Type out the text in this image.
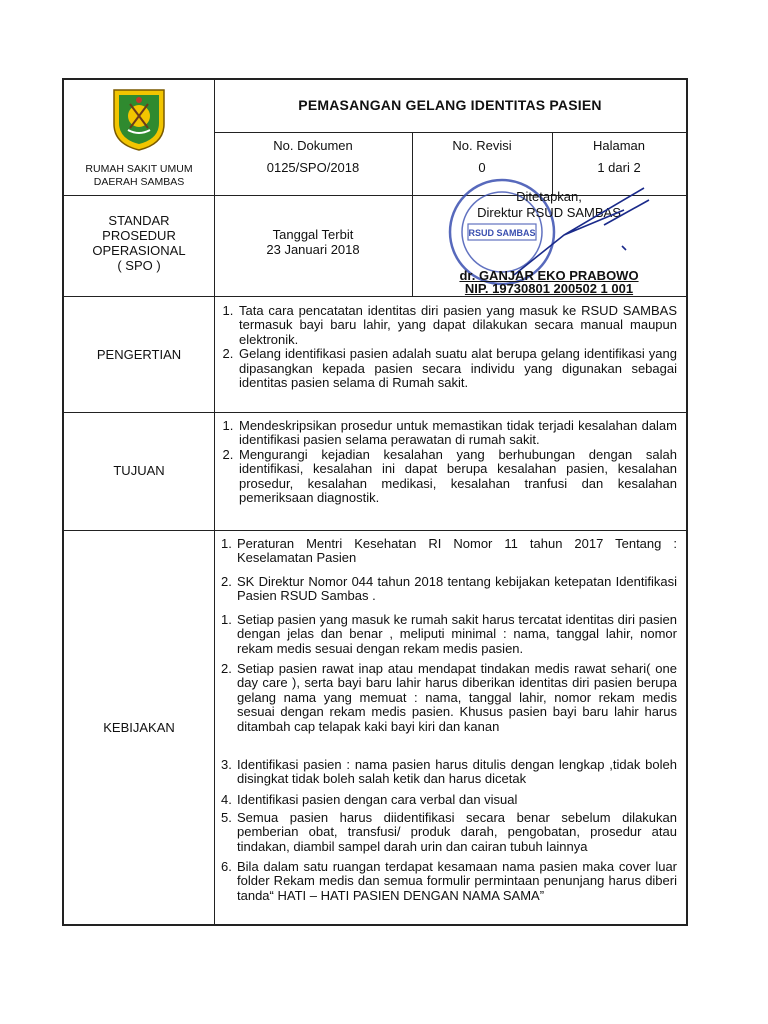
RUMAH SAKIT UMUM
DAERAH SAMBAS
PEMASANGAN GELANG IDENTITAS PASIEN
No. Dokumen
0125/SPO/2018
No. Revisi
0
Halaman
1 dari 2
STANDAR
PROSEDUR
OPERASIONAL
( SPO )
Tanggal Terbit
23 Januari 2018
RSUD SAMBAS
Ditetapkan,
Direktur RSUD SAMBAS
dr. GANJAR EKO PRABOWO
NIP. 19730801 200502 1 001
PENGERTIAN
1. Tata cara pencatatan identitas diri pasien yang masuk ke RSUD SAMBAS termasuk bayi baru lahir, yang dapat dilakukan secara manual maupun elektronik.
2. Gelang identifikasi pasien adalah suatu alat berupa gelang identifikasi yang dipasangkan kepada pasien secara individu yang digunakan sebagai identitas pasien selama di Rumah sakit.
TUJUAN
1. Mendeskripsikan prosedur untuk memastikan tidak terjadi kesalahan dalam identifikasi pasien selama perawatan di rumah sakit.
2. Mengurangi kejadian kesalahan yang berhubungan dengan salah identifikasi, kesalahan ini dapat berupa kesalahan pasien, kesalahan prosedur, kesalahan medikasi, kesalahan tranfusi dan kesalahan pemeriksaan diagnostik.
KEBIJAKAN
1. Peraturan Mentri Kesehatan RI Nomor 11 tahun 2017 Tentang : Keselamatan Pasien
2. SK Direktur Nomor 044 tahun 2018 tentang kebijakan ketepatan Identifikasi Pasien RSUD Sambas .
1. Setiap pasien yang masuk ke rumah sakit harus tercatat identitas diri pasien dengan jelas dan benar , meliputi minimal : nama, tanggal lahir, nomor rekam medis sesuai dengan rekam medis pasien.
2. Setiap pasien rawat inap atau mendapat tindakan medis rawat sehari( one day care ), serta bayi baru lahir harus diberikan identitas diri pasien berupa gelang nama yang memuat : nama, tanggal lahir, nomor rekam medis sesuai dengan rekam medis pasien. Khusus pasien bayi baru lahir harus ditambah cap telapak kaki bayi kiri dan kanan
3. Identifikasi pasien : nama pasien harus ditulis dengan lengkap ,tidak boleh disingkat tidak boleh salah ketik dan harus dicetak
4. Identifikasi pasien dengan cara verbal dan visual
5. Semua pasien harus diidentifikasi secara benar sebelum dilakukan pemberian obat, transfusi/ produk darah, pengobatan, prosedur atau tindakan, diambil sampel darah urin dan cairan tubuh lainnya
6. Bila dalam satu ruangan terdapat kesamaan nama pasien maka cover luar folder Rekam medis dan semua formulir permintaan penunjang harus diberi tanda“ HATI – HATI PASIEN DENGAN NAMA SAMA”
